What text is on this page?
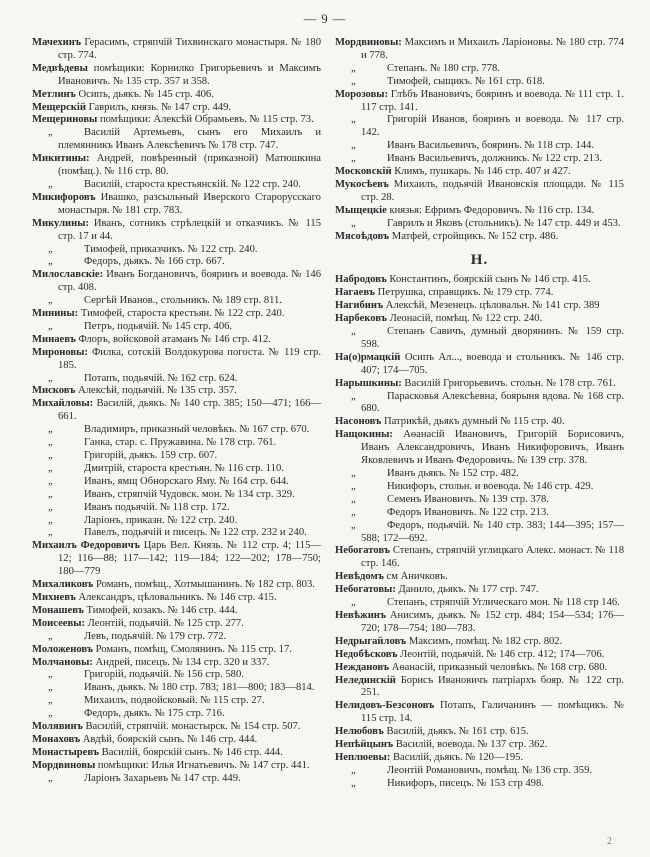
— 9 —
Мачехинъ Герасимъ, стряпчій Тихвинскаго монастыря. № 180 стр. 774.
Медвѣдевы помѣщики: Корнилко Григорьевичъ и Максимъ Ивановичъ. № 135 стр. 357 и 358.
Метлинъ Осипъ, дьякъ. № 145 стр. 406.
Мещерскій Гаврилъ, князь. № 147 стр. 449.
Мещериновы помѣщики: Алексѣй Обрамьевъ. № 115 стр. 73.
„	Василій Артемьевъ, сынъ его Михаилъ и племянникъ Иванъ Алексѣевичъ № 178 стр. 747.
Микитины: Андрей, повѣренный (приказной) Матюшкина (помѣщ.). № 116 стр. 80.
„	Василій, староста крестьянскій. № 122 стр. 240.
Микифоровъ Ивашко, разсыльный Иверского Старорусскаго монастыря. № 181 стр. 783.
Микулины: Иванъ, сотникъ стрѣлецкій и отказчикъ. № 115 стр. 17 и 44.
„	Тимофей, приказчикъ. № 122 стр. 240.
„	Федоръ, дьякъ. № 166 стр. 667.
Милославскіе: Иванъ Богдановичъ, бояринъ и воевода. № 146 стр. 408.
„	Сергѣй Иванов., стольникъ. № 189 стр. 811.
Минины: Тимофей, староста крестьян. № 122 стр. 240.
„	Петръ, подьячій. № 145 стр. 406.
Минаевъ Флоръ, войсковой атаманъ № 146 стр. 412.
Мироновы: Филка, сотскій Волдокурова погоста. № 119 стр. 185.
„	Потапъ, подьячій. № 162 стр. 624.
Мисковъ Алексѣй, подьячій. № 135 стр. 357.
Михайловы: Василій, дьякъ. № 140 стр. 385; 150—471; 166—661.
„	Владимиръ, приказный человѣкъ. № 167 стр. 670.
„	Ганка, стар. с. Пружавина. № 178 стр. 761.
„	Григорій, дьякъ. 159 стр. 607.
„	Дмитрій, староста крестьян. № 116 стр. 110.
„	Иванъ, ямщ Обнорскаго Яму. № 164 стр. 644.
„	Иванъ, стряпчій Чудовск. мон. № 134 стр. 329.
„	Иванъ подьячій. № 118 стр. 172.
„	Ларіонъ, приказн. № 122 стр. 240.
„	Павелъ, подьячій и писецъ. № 122 стр. 232 и 240.
Михаилъ Федоровичъ Царь Вел. Князь. № 112 стр. 4; 115—12; 116—88; 117—142; 119—184; 122—202; 178—750; 180—779
Михаликовъ Романъ, помѣщ., Хотмышанинъ. № 182 стр. 803.
Михневъ Александръ, цѣловальникъ. № 146 стр. 415.
Монашевъ Тимофей, козакъ. № 146 стр. 444.
Моисеевы: Леонтій, подьячій. № 125 стр. 277.
„	Левъ, подьячій. № 179 стр. 772.
Моложеновъ Романъ, помѣщ, Смолянинъ. № 115 стр. 17.
Молчановы: Андрей, писецъ. № 134 стр. 320 и 337.
„	Григорій, подьячій. № 156 стр. 580.
„	Иванъ, дьякъ. № 180 стр. 783; 181—800; 183—814.
„	Михаилъ, подвойсковый. № 115 стр. 27.
„	Федоръ, дьякъ. № 175 стр. 716.
Молявинъ Василій, стряпчій. монастырск. № 154 стр. 507.
Монаховъ Авдѣй, боярскій сынъ. № 146 стр. 444.
Монастыревъ Василій, боярскій сынъ. № 146 стр. 444.
Мордвиновы помѣщики: Илья Игнатьевичъ. № 147 стр. 441.
„	Ларіонъ Захарьевъ № 147 стр. 449.
Мордвиновы: Максимъ и Михаилъ Ларіоновы. № 180 стр. 774 и 778.
„	Степанъ. № 180 стр. 778.
„	Тимофей, сыщикъ. № 161 стр. 618.
Морозовы: Глѣбъ Ивановичъ, бояринъ и воевода. № 111 стр. 1. 117 стр. 141.
„	Григорій Иванов, бояринъ и воевода. № 117 стр. 142.
„	Иванъ Васильевичъ, бояринъ. № 118 стр. 144.
„	Иванъ Васильевичъ, должникъ. № 122 стр. 213.
Московскій Климъ, пушкарь. № 146 стр. 407 и 427.
Мукосѣевъ Михаилъ, подьячій Ивановскія площади. № 115 стр. 28.
Мыщецкіе князья: Ефримъ Федоровичъ. № 116 стр. 134.
„	Гаврилъ и Яковъ (стольникъ). № 147 стр. 449 и 453.
Мясоѣдовъ Матфей, стройщикъ. № 152 стр. 486.
Н.
Набродовъ Константинъ, боярскій сынъ № 146 стр. 415.
Нагаевъ Петрушка, справщикъ. № 179 стр. 774.
Нагибинъ Алексѣй, Мезенецъ. цѣловальн. № 141 стр. 389
Нарбековъ Леонасій, помѣщ. № 122 стр. 240.
„	Степанъ Савичъ, думный дворянинъ. № 159 стр. 598.
На(о)рмацкій Осипъ Ал..., воевода и стольникъ. № 146 стр. 407; 174—705.
Нарышкины: Василій Григорьевичъ. стольн. № 178 стр. 761.
„	Парасковья Алексѣевна, боярыня вдова. № 168 стр. 680.
Насоновъ Патрикѣй, дьякъ думный № 115 стр. 40.
Нащокины: Аѳанасій Ивановичъ, Григорій Борисовичъ, Иванъ Александровичъ, Иванъ Никифоровичъ, Иванъ Яковлевичъ и Иванъ Федоровичъ. № 139 стр. 378.
„	Иванъ дьякъ. № 152 стр. 482.
„	Никифоръ, стольн. и воевода. № 146 стр. 429.
„	Семенъ Ивановичъ. № 139 стр. 378.
„	Федоръ Ивановичъ. № 122 стр. 213.
„	Федоръ, подьячій. № 140 стр. 383; 144—395; 157—588; 172—692.
Небогатовъ Степанъ, стряпчій углицкаго Алекс. монаст. № 118 стр. 146.
Невѣдомъ см Аничковъ.
Небогатовы: Данило, дьякъ. № 177 стр. 747.
„	Степанъ, стряпчій Углическаго мон. № 118 стр 146.
Невѣжинъ Анисимъ, дьякъ. № 152 стр. 484; 154—534; 176—720; 178—754; 180—783.
Недрыгайловъ Максимъ, помѣщ. № 182 стр. 802.
Недобѣсковъ Леонтій, подьячій. № 146 стр. 412; 174—706.
Неждановъ Аѳанасій, приказный человѣкъ. № 168 стр. 680.
Нелединскій Борисъ Ивановичъ патріархъ бояр. № 122 стр. 251.
Нелидовъ-Безсоновъ Потапъ, Галичанинъ — помѣщикъ. № 115 стр. 14.
Нелюбовъ Василій, дьякъ. № 161 стр. 615.
Непѣйцынъ Василій, воевода. № 137 стр. 362.
Неплюевы: Василій, дьякъ. № 120—195.
„	Леонтій Романовичъ, помѣщ. № 136 стр. 359.
„	Никифоръ, писецъ. № 153 стр 498.
2
